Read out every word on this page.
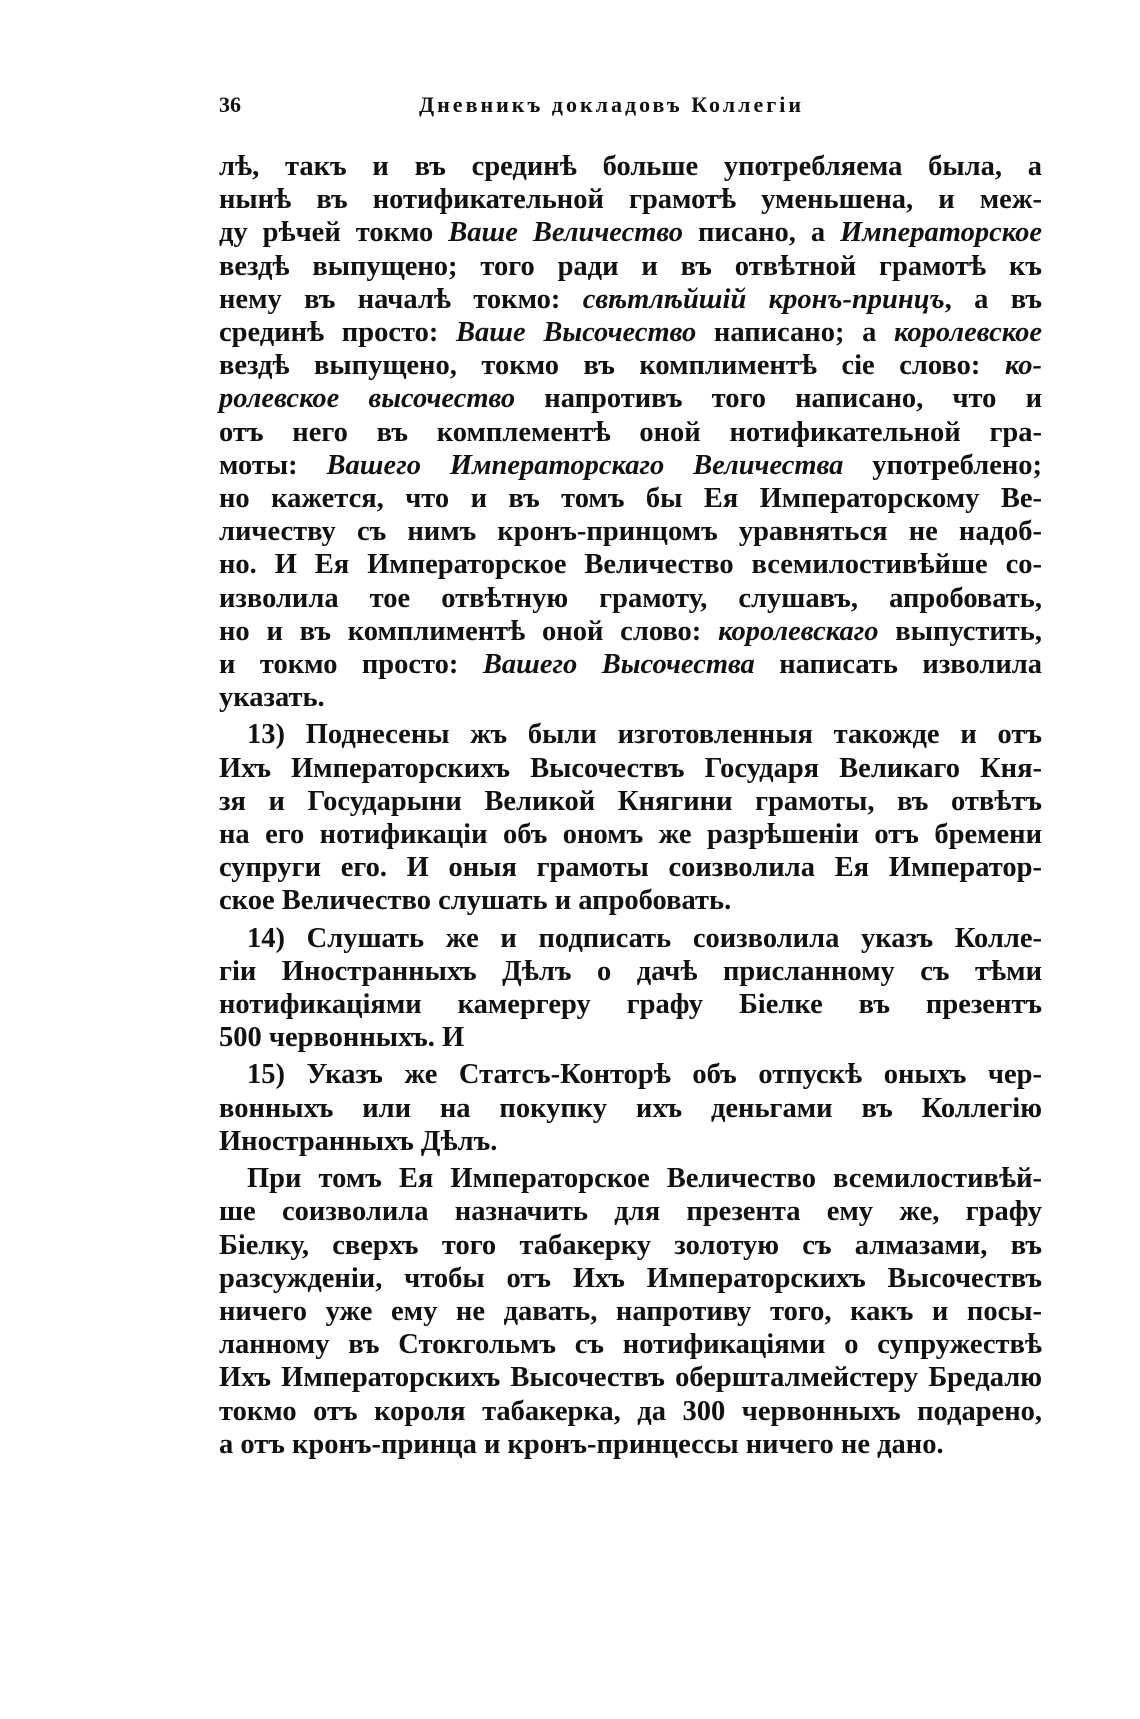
36	Дневникъ докладовъ Коллегіи
лѣ, такъ и въ срединѣ больше употребляема была, а
нынѣ въ нотификательной грамотѣ уменьшена, и меж-
ду рѣчей токмо Ваше Величество писано, а Императорское
вездѣ выпущено; того ради и въ отвѣтной грамотѣ къ
нему въ началѣ токмо: свѣтлѣйшій кронъ-принцъ, а въ
срединѣ просто: Ваше Высочество написано; а королевское
вездѣ выпущено, токмо въ комплиментѣ сіе слово: ко-
ролевское высочество напротивъ того написано, что и
отъ него въ комплементѣ оной нотификательной гра-
моты: Вашего Императорскаго Величества употреблено;
но кажется, что и въ томъ бы Ея Императорскому Ве-
личеству съ нимъ кронъ-принцомъ уравняться не надоб-
но. И Ея Императорское Величество всемилостивѣйше со-
изволила тое отвѣтную грамоту, слушавъ, апробовать,
но и въ комплиментѣ оной слово: королевскаго выпустить,
и токмо просто: Вашего Высочества написать изволила
указать.
13) Поднесены жъ были изготовленныя такожде и отъ
Ихъ Императорскихъ Высочествъ Государя Великаго Кня-
зя и Государыни Великой Княгини грамоты, въ отвѣтъ
на его нотификаціи объ ономъ же разрѣшеніи отъ бремени
супруги его. И оныя грамоты соизволила Ея Император-
ское Величество слушать и апробовать.
14) Слушать же и подписать соизволила указъ Колле-
гіи Иностранныхъ Дѣлъ о дачѣ присланному съ тѣми
нотификаціями камергеру графу Біелке въ презентъ
500 червонныхъ. И
15) Указъ же Статсъ-Конторѣ объ отпускѣ оныхъ чер-
вонныхъ или на покупку ихъ деньгами въ Коллегію
Иностранныхъ Дѣлъ.
При томъ Ея Императорское Величество всемилостивѣй-
ше соизволила назначить для презента ему же, графу
Біелку, сверхъ того табакерку золотую съ алмазами, въ
разсужденіи, чтобы отъ Ихъ Императорскихъ Высочествъ
ничего уже ему не давать, напротиву того, какъ и посы-
ланному въ Стокгольмъ съ нотификаціями о супружествѣ
Ихъ Императорскихъ Высочествъ обершталмейстеру Бредалю
токмо отъ короля табакерка, да 300 червонныхъ подарено,
а отъ кронъ-принца и кронъ-принцессы ничего не дано.
